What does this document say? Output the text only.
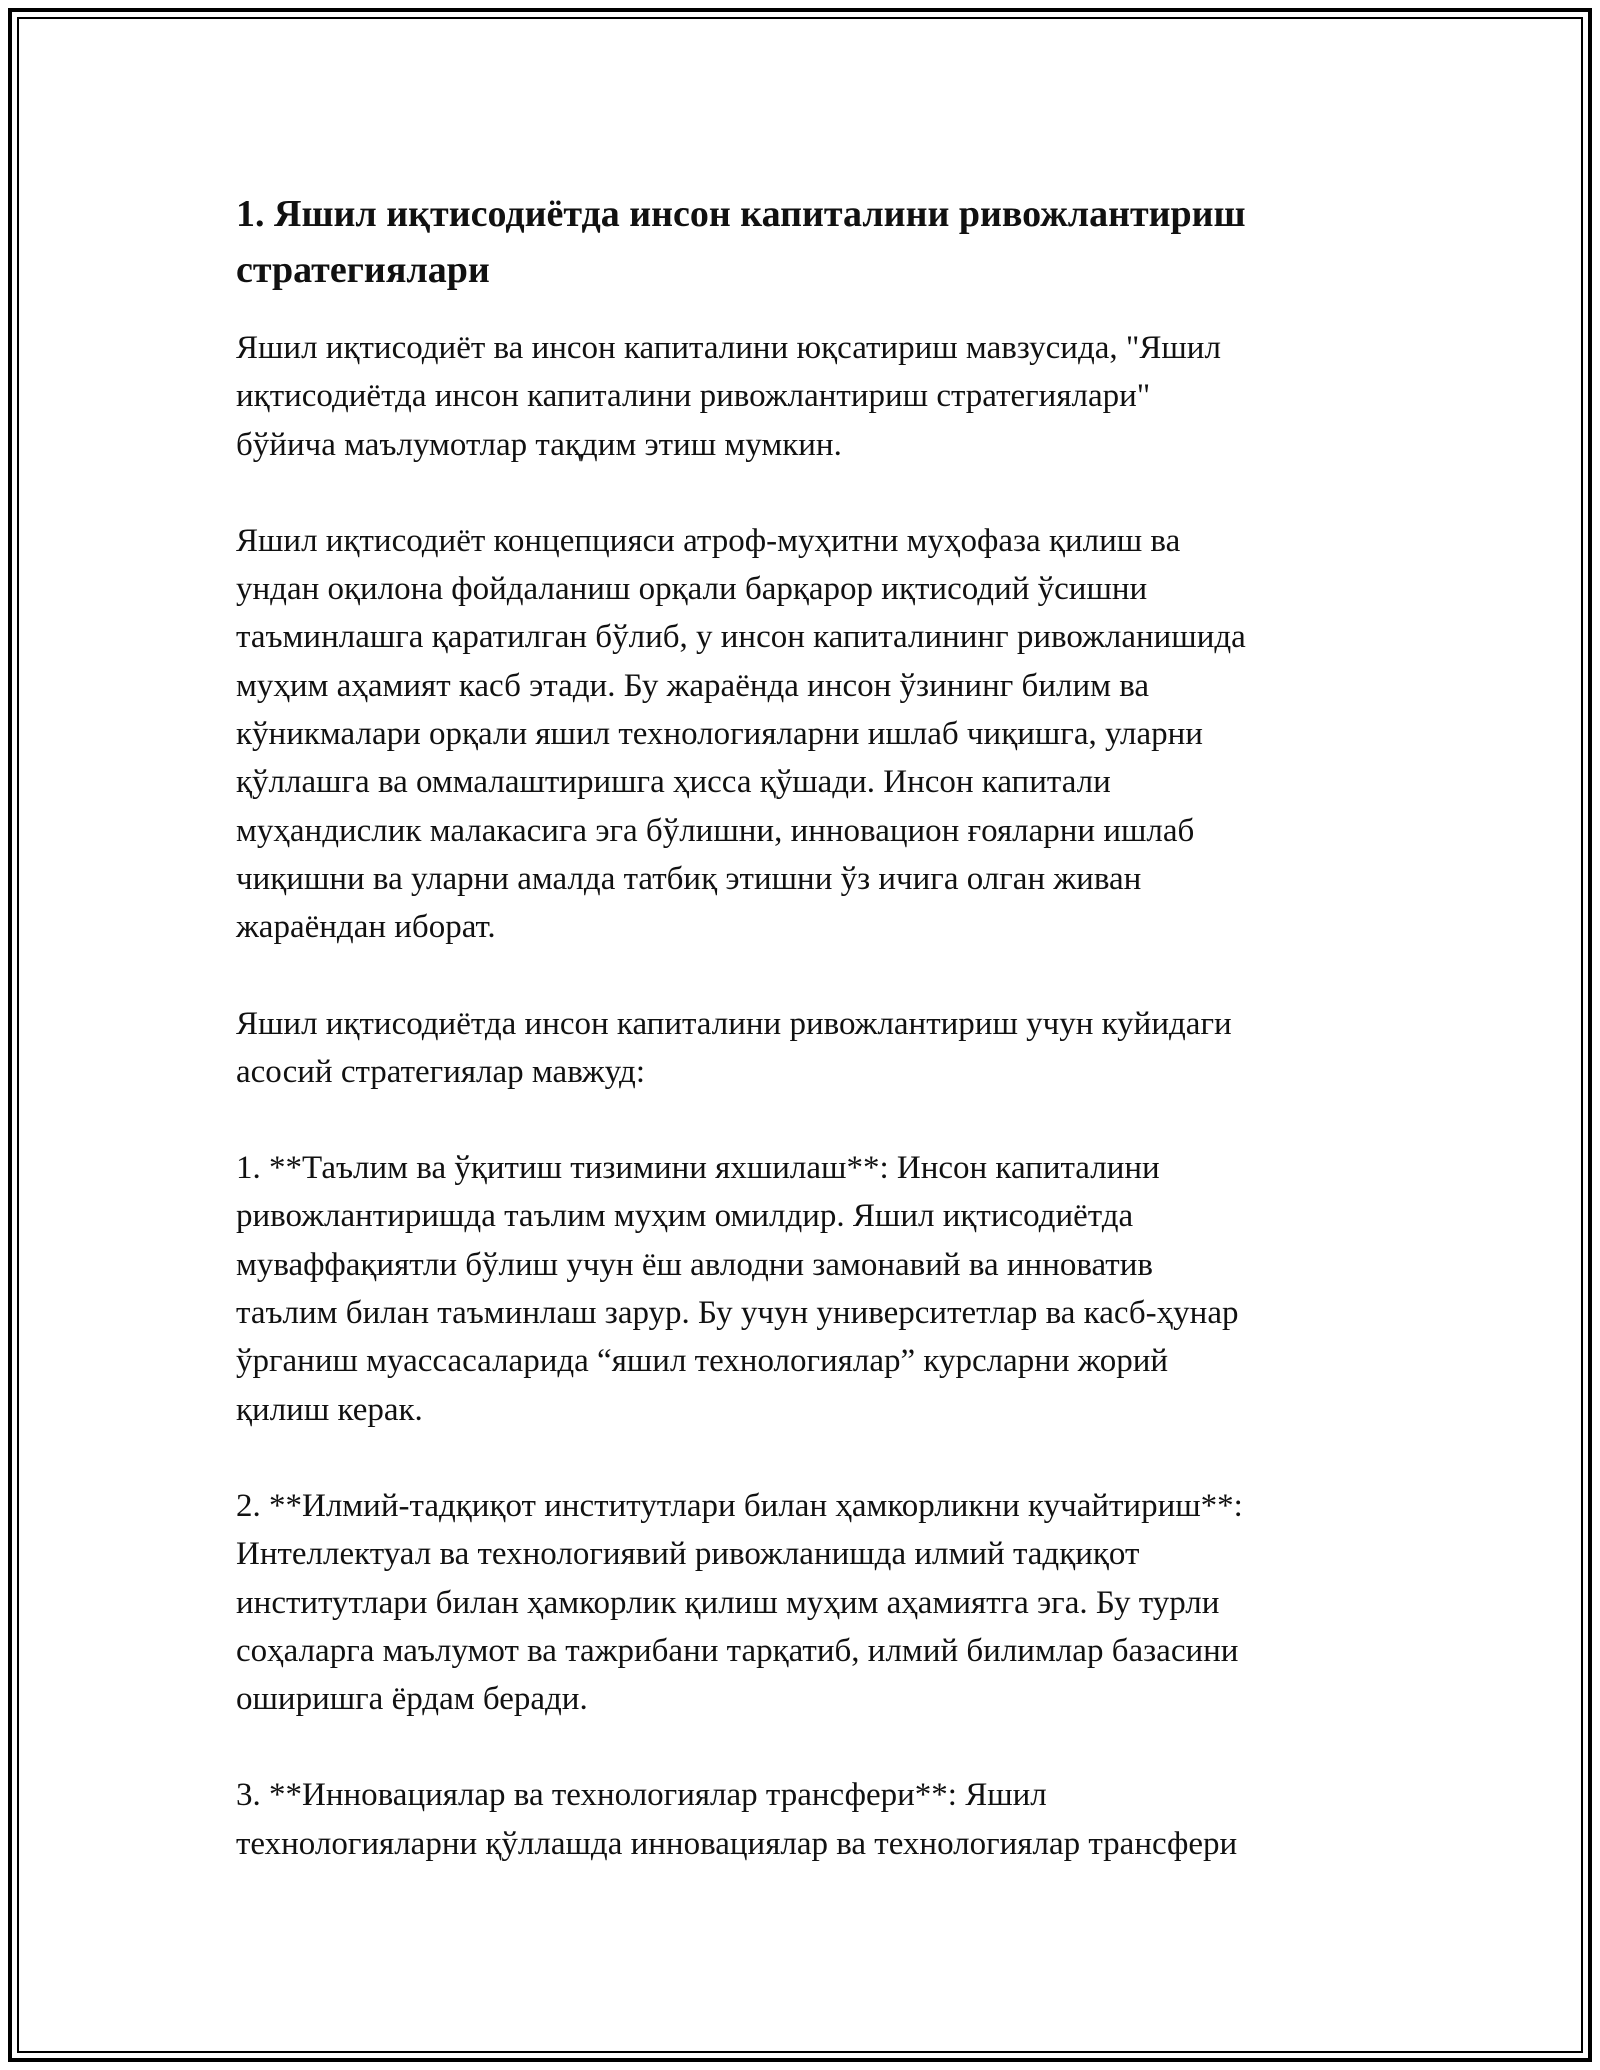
1. Яшил иқтисодиётда инсон капиталини ривожлантириш
стратегиялари

Яшил иқтисодиёт ва инсон капиталини юқсатириш мавзусида, "Яшил
иқтисодиётда инсон капиталини ривожлантириш стратегиялари"
бўйича маълумотлар тақдим этиш мумкин.

Яшил иқтисодиёт концепцияси атроф-муҳитни муҳофаза қилиш ва
ундан оқилона фойдаланиш орқали барқарор иқтисодий ўсишни
таъминлашга қаратилган бўлиб, у инсон капиталининг ривожланишида
муҳим аҳамият касб этади. Бу жараёнда инсон ўзининг билим ва
кўникмалари орқали яшил технологияларни ишлаб чиқишга, уларни
қўллашга ва оммалаштиришга ҳисса қўшади. Инсон капитали
муҳандислик малакасига эга бўлишни, инновацион ғояларни ишлаб
чиқишни ва уларни амалда татбиқ этишни ўз ичига олган живан
жараёндан иборат.

Яшил иқтисодиётда инсон капиталини ривожлантириш учун куйидаги
асосий стратегиялар мавжуд:

1. **Таълим ва ўқитиш тизимини яхшилаш**: Инсон капиталини
ривожлантиришда таълим муҳим омилдир. Яшил иқтисодиётда
муваффақиятли бўлиш учун ёш авлодни замонавий ва инноватив
таълим билан таъминлаш зарур. Бу учун университетлар ва касб-ҳунар
ўрганиш муассасаларида “яшил технологиялар” курсларни жорий
қилиш керак.

2. **Илмий-тадқиқот институтлари билан ҳамкорликни кучайтириш**:
Интеллектуал ва технологиявий ривожланишда илмий тадқиқот
институтлари билан ҳамкорлик қилиш муҳим аҳамиятга эга. Бу турли
соҳаларга маълумот ва тажрибани тарқатиб, илмий билимлар базасини
оширишга ёрдам беради.

3. **Инновациялар ва технологиялар трансфери**: Яшил
технологияларни қўллашда инновациялар ва технологиялар трансфери
